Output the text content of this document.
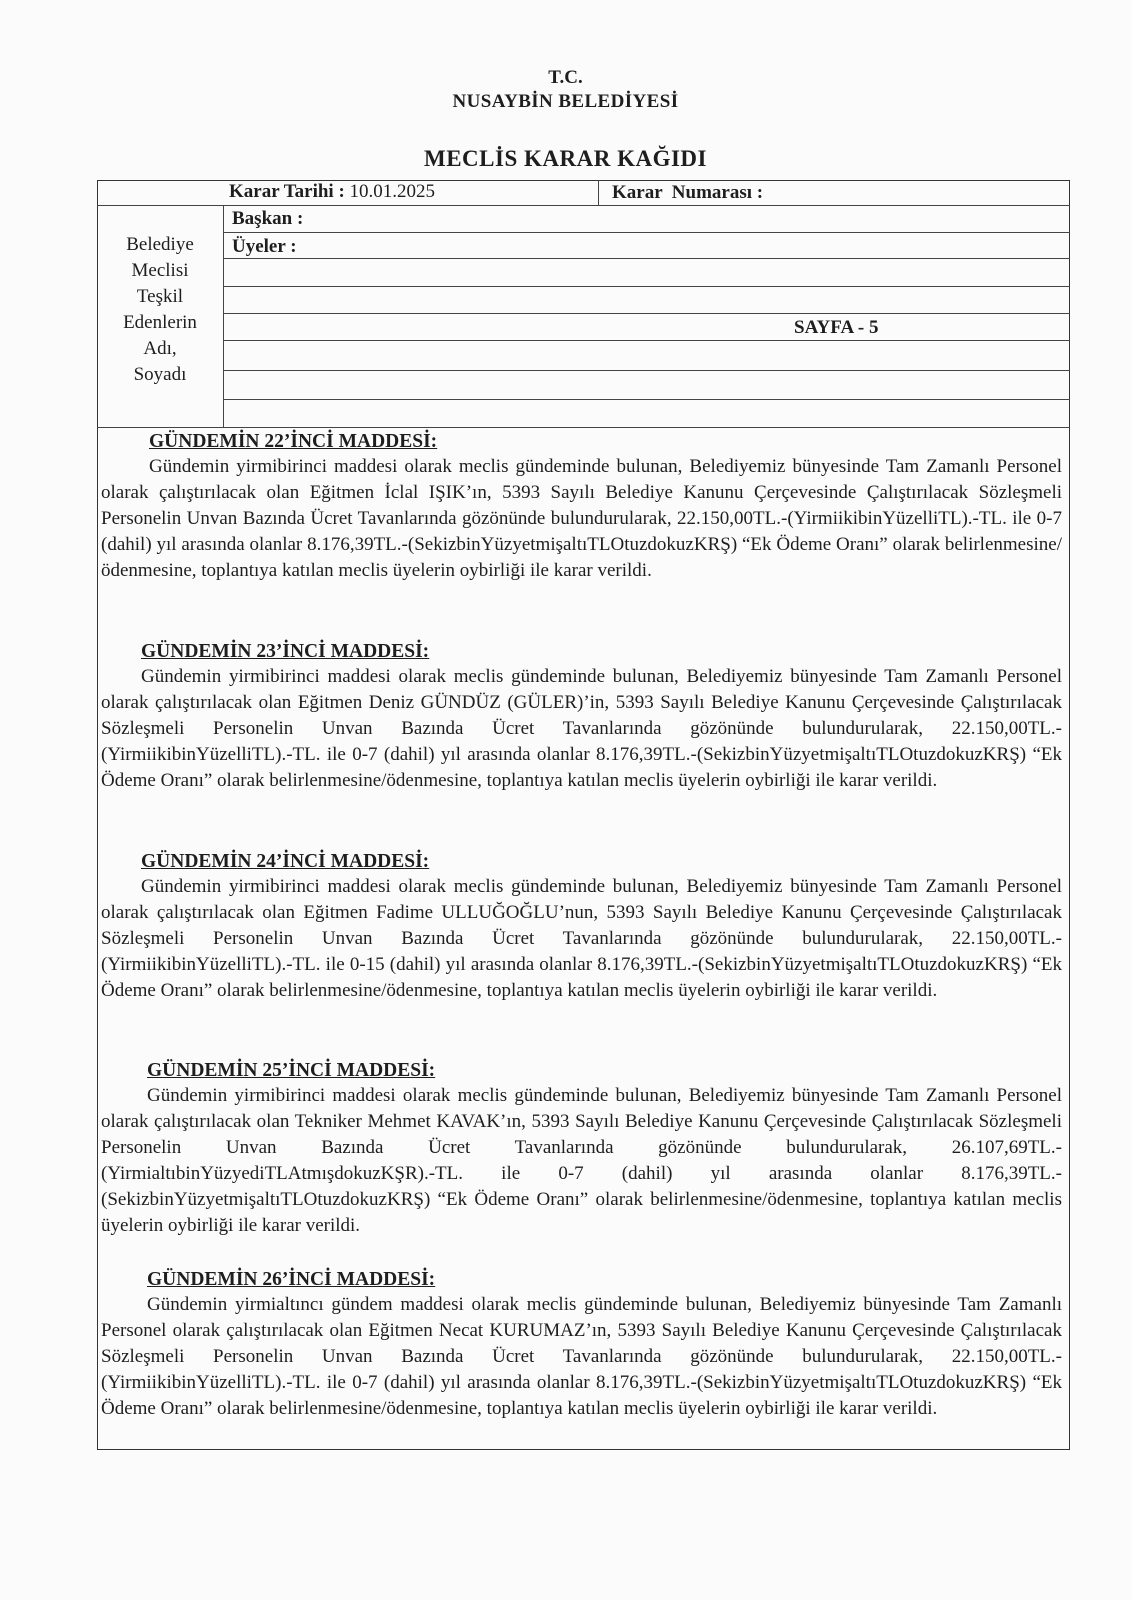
T.C.
NUSAYBİN BELEDİYESİ
MECLİS KARAR KAĞIDI
Karar Tarihi : 10.01.2025	Karar  Numarası :
Belediye
Meclisi
Teşkil
Edenlerin
Adı,
Soyadı
Başkan :
Üyeler :
SAYFA - 5
GÜNDEMİN 22’İNCİ MADDESİ:
Gündemin yirmibirinci maddesi olarak meclis gündeminde bulunan, Belediyemiz bünyesinde Tam Zamanlı Personel olarak çalıştırılacak olan Eğitmen İclal IŞIK’ın, 5393 Sayılı Belediye Kanunu Çerçevesinde Çalıştırılacak Sözleşmeli Personelin Unvan Bazında Ücret Tavanlarında gözönünde bulundurularak, 22.150,00TL.-(YirmiikibinYüzelliTL).-TL. ile 0-7 (dahil) yıl arasında olanlar 8.176,39TL.-(SekizbinYüzyetmişaltıTLOtuzdokuzKRŞ) “Ek Ödeme Oranı” olarak belirlenmesine/ödenmesine, toplantıya katılan meclis üyelerin oybirliği ile karar verildi.
GÜNDEMİN 23’İNCİ MADDESİ:
Gündemin yirmibirinci maddesi olarak meclis gündeminde bulunan, Belediyemiz bünyesinde Tam Zamanlı Personel olarak çalıştırılacak olan Eğitmen Deniz GÜNDÜZ (GÜLER)’in, 5393 Sayılı Belediye Kanunu Çerçevesinde Çalıştırılacak Sözleşmeli Personelin Unvan Bazında Ücret Tavanlarında gözönünde bulundurularak, 22.150,00TL.-(YirmiikibinYüzelliTL).-TL. ile 0-7 (dahil) yıl arasında olanlar 8.176,39TL.-(SekizbinYüzyetmişaltıTLOtuzdokuzKRŞ) “Ek Ödeme Oranı” olarak belirlenmesine/ödenmesine, toplantıya katılan meclis üyelerin oybirliği ile karar verildi.
GÜNDEMİN 24’İNCİ MADDESİ:
Gündemin yirmibirinci maddesi olarak meclis gündeminde bulunan, Belediyemiz bünyesinde Tam Zamanlı Personel olarak çalıştırılacak olan Eğitmen Fadime ULLUĞOĞLU’nun, 5393 Sayılı Belediye Kanunu Çerçevesinde Çalıştırılacak Sözleşmeli Personelin Unvan Bazında Ücret Tavanlarında gözönünde bulundurularak, 22.150,00TL.-(YirmiikibinYüzelliTL).-TL. ile 0-15 (dahil) yıl arasında olanlar 8.176,39TL.-(SekizbinYüzyetmişaltıTLOtuzdokuzKRŞ) “Ek Ödeme Oranı” olarak belirlenmesine/ödenmesine, toplantıya katılan meclis üyelerin oybirliği ile karar verildi.
GÜNDEMİN 25’İNCİ MADDESİ:
Gündemin yirmibirinci maddesi olarak meclis gündeminde bulunan, Belediyemiz bünyesinde Tam Zamanlı Personel olarak çalıştırılacak olan Tekniker Mehmet KAVAK’ın, 5393 Sayılı Belediye Kanunu Çerçevesinde Çalıştırılacak Sözleşmeli Personelin Unvan Bazında Ücret Tavanlarında gözönünde bulundurularak, 26.107,69TL.-(YirmialtıbinYüzyediTLAtmışdokuzKŞR).-TL. ile 0-7 (dahil) yıl arasında olanlar 8.176,39TL.-(SekizbinYüzyetmişaltıTLOtuzdokuzKRŞ) “Ek Ödeme Oranı” olarak belirlenmesine/ödenmesine, toplantıya katılan meclis üyelerin oybirliği ile karar verildi.
GÜNDEMİN 26’İNCİ MADDESİ:
Gündemin yirmialtıncı gündem maddesi olarak meclis gündeminde bulunan, Belediyemiz bünyesinde Tam Zamanlı Personel olarak çalıştırılacak olan Eğitmen Necat KURUMAZ’ın, 5393 Sayılı Belediye Kanunu Çerçevesinde Çalıştırılacak Sözleşmeli Personelin Unvan Bazında Ücret Tavanlarında gözönünde bulundurularak, 22.150,00TL.-(YirmiikibinYüzelliTL).-TL. ile 0-7 (dahil) yıl arasında olanlar 8.176,39TL.-(SekizbinYüzyetmişaltıTLOtuzdokuzKRŞ) “Ek Ödeme Oranı” olarak belirlenmesine/ödenmesine, toplantıya katılan meclis üyelerin oybirliği ile karar verildi.
